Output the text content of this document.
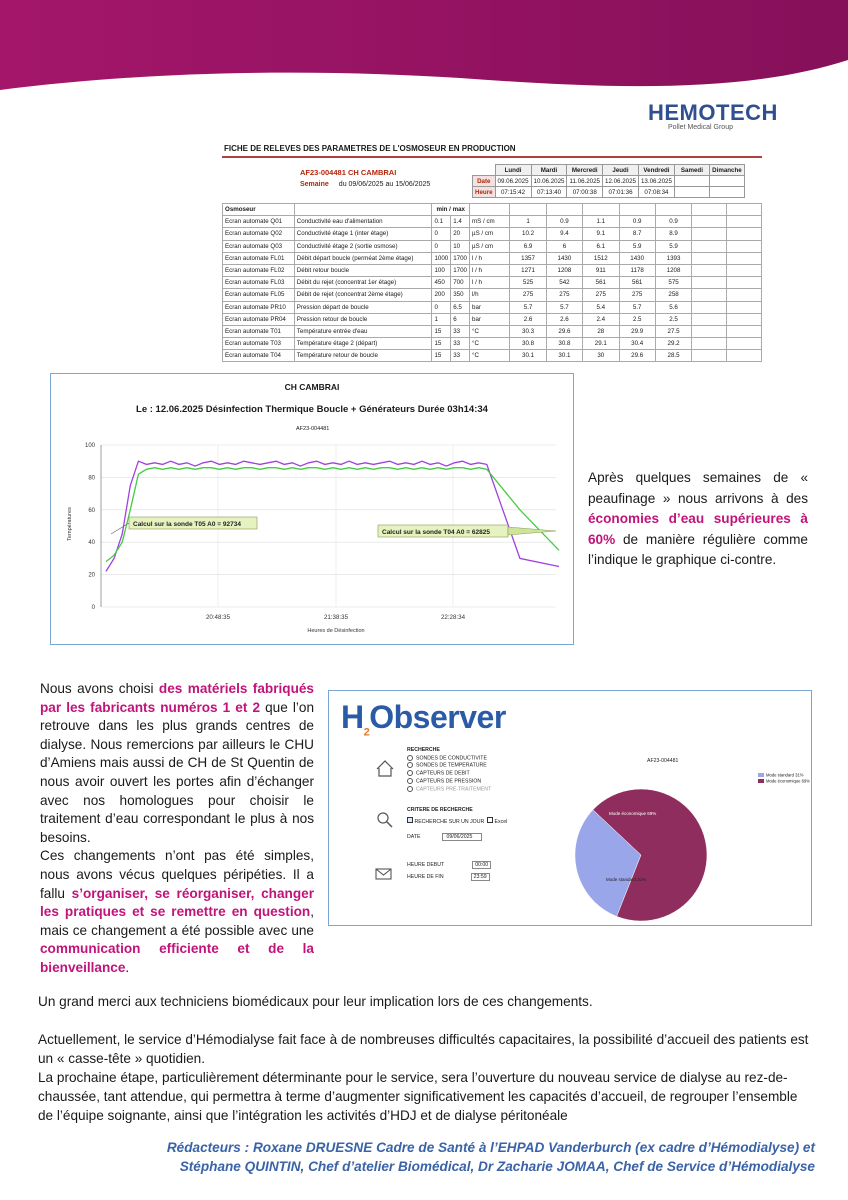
HEMOTECH
Pollet Medical Group
FICHE DE RELEVES DES PARAMETRES DE L'OSMOSEUR EN PRODUCTION
AF23-004481 CH CAMBRAI
Semaine du 09/06/2025 au 15/06/2025
	Lundi	Mardi	Mercredi	Jeudi	Vendredi	Samedi	Dimanche
Date	09.06.2025	10.06.2025	11.06.2025	12.06.2025	13.06.2025		
Heure	07:15:42	07:13:40	07:00:38	07:01:36	07:08:34		
Osmoseur		min / max									
Ecran automate Q01	Conductivité eau d'alimentation	0.1	1.4	mS / cm	1	0.9	1.1	0.9	0.9		
Ecran automate Q02	Conductivité étage 1 (inter étage)	0	20	µS / cm	10.2	9.4	9.1	8.7	8.9		
Ecran automate Q03	Conductivité étage 2 (sortie osmose)	0	10	µS / cm	6.9	6	6.1	5.9	5.9		
Ecran automate FL01	Débit départ boucle (perméat 2ème étage)	1000	1700	l / h	1357	1430	1512	1430	1393		
Ecran automate FL02	Débit retour boucle	100	1700	l / h	1271	1208	911	1178	1208		
Ecran automate FL03	Débit du rejet (concentrat 1er étage)	450	700	l / h	525	542	561	561	575		
Ecran automate FL05	Débit de rejet (concentrat 2ème étage)	200	350	l/h	275	275	275	275	258		
Ecran automate PR10	Pression départ de boucle	0	6.5	bar	5.7	5.7	5.4	5.7	5.6		
Ecran automate PR04	Pression retour de boucle	1	6	bar	2.6	2.6	2.4	2.5	2.5		
Ecran automate T01	Température entrée d'eau	15	33	°C	30.3	29.6	28	29.9	27.5		
Ecran automate T03	Température étage 2 (départ)	15	33	°C	30.8	30.8	29.1	30.4	29.2		
Ecran automate T04	Température retour de boucle	15	33	°C	30.1	30.1	30	29.6	28.5		
CH CAMBRAI
Le : 12.06.2025 Désinfection Thermique Boucle + Générateurs Durée 03h14:34
AF23-004481
0
20
40
60
80
100
20:48:35	21:38:35	22:28:34
Heures de Désinfection
Températures	Calcul sur la sonde T05 A0 = 92734
Calcul sur la sonde T04 A0 = 62825
Après quelques semaines de « peaufinage » nous arrivons à des économies d’eau supérieures à 60% de manière régulière comme l’indique le graphique ci-contre.
Nous avons choisi des matériels fabriqués par les fabricants numéros 1 et 2 que l’on retrouve dans les plus grands centres de dialyse. Nous remercions par ailleurs le CHU d’Amiens mais aussi de CH de St Quentin de nous avoir ouvert les portes afin d’échanger avec nos homologues pour choisir le traitement d’eau correspondant le plus à nos besoins.
Ces changements n’ont pas été simples, nous avons vécus quelques péripéties. Il a fallu s’organiser, se réorganiser, changer les pratiques et se remettre en question, mais ce changement a été possible avec une communication efficiente et de la bienveillance.
$H_2Observer$
RECHERCHE
SONDES DE CONDUCTIVITE
SONDES DE TEMPERATURE
CAPTEURS DE DEBIT
CAPTEURS DE PRESSION
CAPTEURS PRE-TRAITEMENT
CRITERE DE RECHERCHE
RECHERCHE SUR UN JOUR Excel
DATE	09/06/2025
HEURE DEBUT	00:00
HEURE DE FIN	23:59
AF23-004481
Mode standard 31%
Mode économique 69%
Mode standard 31%
Mode économique 69%
Un grand merci aux techniciens biomédicaux pour leur implication lors de ces changements.
Actuellement, le service d’Hémodialyse fait face à de nombreuses difficultés capacitaires, la possibilité d’accueil des patients est un « casse-tête » quotidien.
La prochaine étape, particulièrement déterminante pour le service, sera l’ouverture du nouveau service de dialyse au rez-de-chaussée, tant attendue, qui permettra à terme d’augmenter significativement les capacités d’accueil, de regrouper l’ensemble de l’équipe soignante, ainsi que l’intégration les activités d’HDJ et de dialyse péritonéale
Rédacteurs : Roxane DRUESNE Cadre de Santé à l’EHPAD Vanderburch (ex cadre d’Hémodialyse) et
Stéphane QUINTIN, Chef d’atelier Biomédical, Dr Zacharie JOMAA, Chef de Service d’Hémodialyse
